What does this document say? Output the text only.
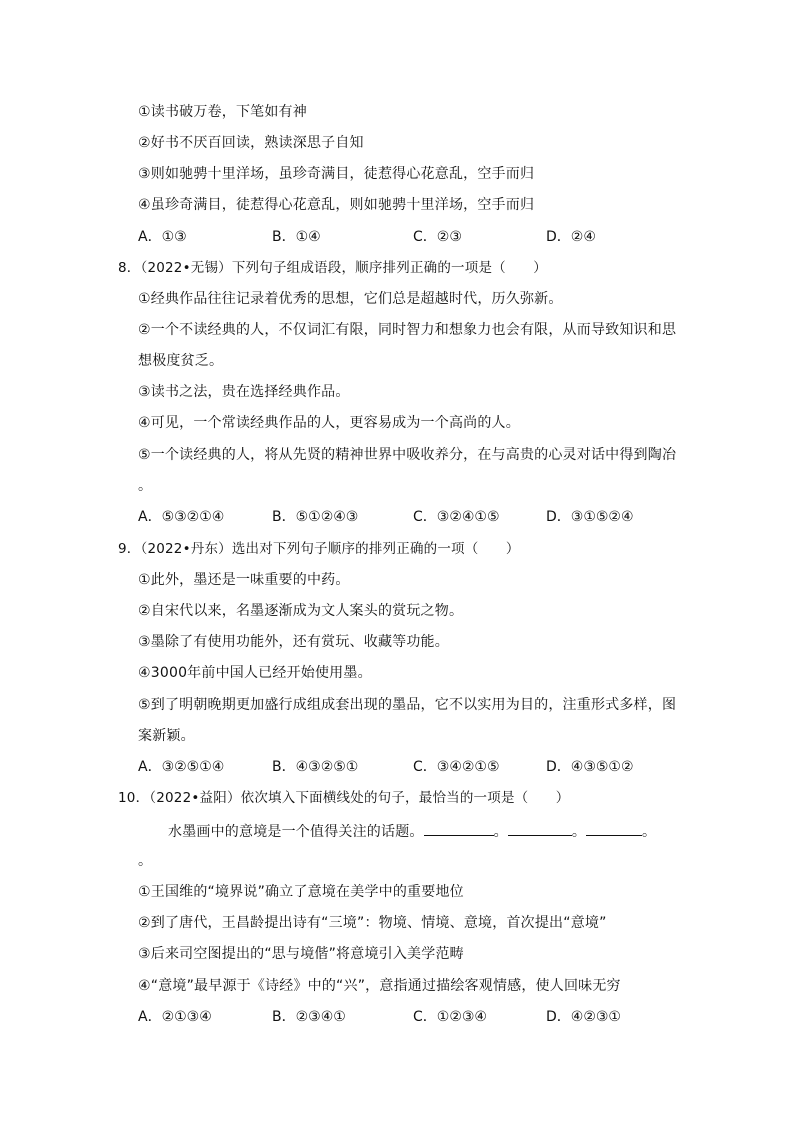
①读书破万卷，下笔如有神
②好书不厌百回读，熟读深思子自知
③则如驰骋十里洋场，虽珍奇满目，徒惹得心花意乱，空手而归
④虽珍奇满目，徒惹得心花意乱，则如驰骋十里洋场，空手而归
A．①③	B．①④	C．②③	D．②④
8．（2022•无锡）下列句子组成语段，顺序排列正确的一项是（　　）
①经典作品往往记录着优秀的思想，它们总是超越时代，历久弥新。
②一个不读经典的人，不仅词汇有限，同时智力和想象力也会有限，从而导致知识和思
想极度贫乏。
③读书之法，贵在选择经典作品。
④可见，一个常读经典作品的人，更容易成为一个高尚的人。
⑤一个读经典的人，将从先贤的精神世界中吸收养分，在与高贵的心灵对话中得到陶冶
。
A．⑤③②①④	B．⑤①②④③	C．③②④①⑤	D．③①⑤②④
9．（2022•丹东）选出对下列句子顺序的排列正确的一项（　　）
①此外，墨还是一味重要的中药。
②自宋代以来，名墨逐渐成为文人案头的赏玩之物。
③墨除了有使用功能外，还有赏玩、收藏等功能。
④3000年前中国人已经开始使用墨。
⑤到了明朝晚期更加盛行成组成套出现的墨品，它不以实用为目的，注重形式多样，图
案新颖。
A．③②⑤①④	B．④③②⑤①	C．③④②①⑤	D．④③⑤①②
10．（2022•益阳）依次填入下面横线处的句子，最恰当的一项是（　　）
水墨画中的意境是一个值得关注的话题。	。	。	。
。
①王国维的“境界说”确立了意境在美学中的重要地位
②到了唐代，王昌龄提出诗有“三境”：物境、情境、意境，首次提出“意境”
③后来司空图提出的“思与境偕”将意境引入美学范畴
④“意境”最早源于《诗经》中的“兴”，意指通过描绘客观情感，使人回味无穷
A．②①③④	B．②③④①	C．①②③④	D．④②③①
